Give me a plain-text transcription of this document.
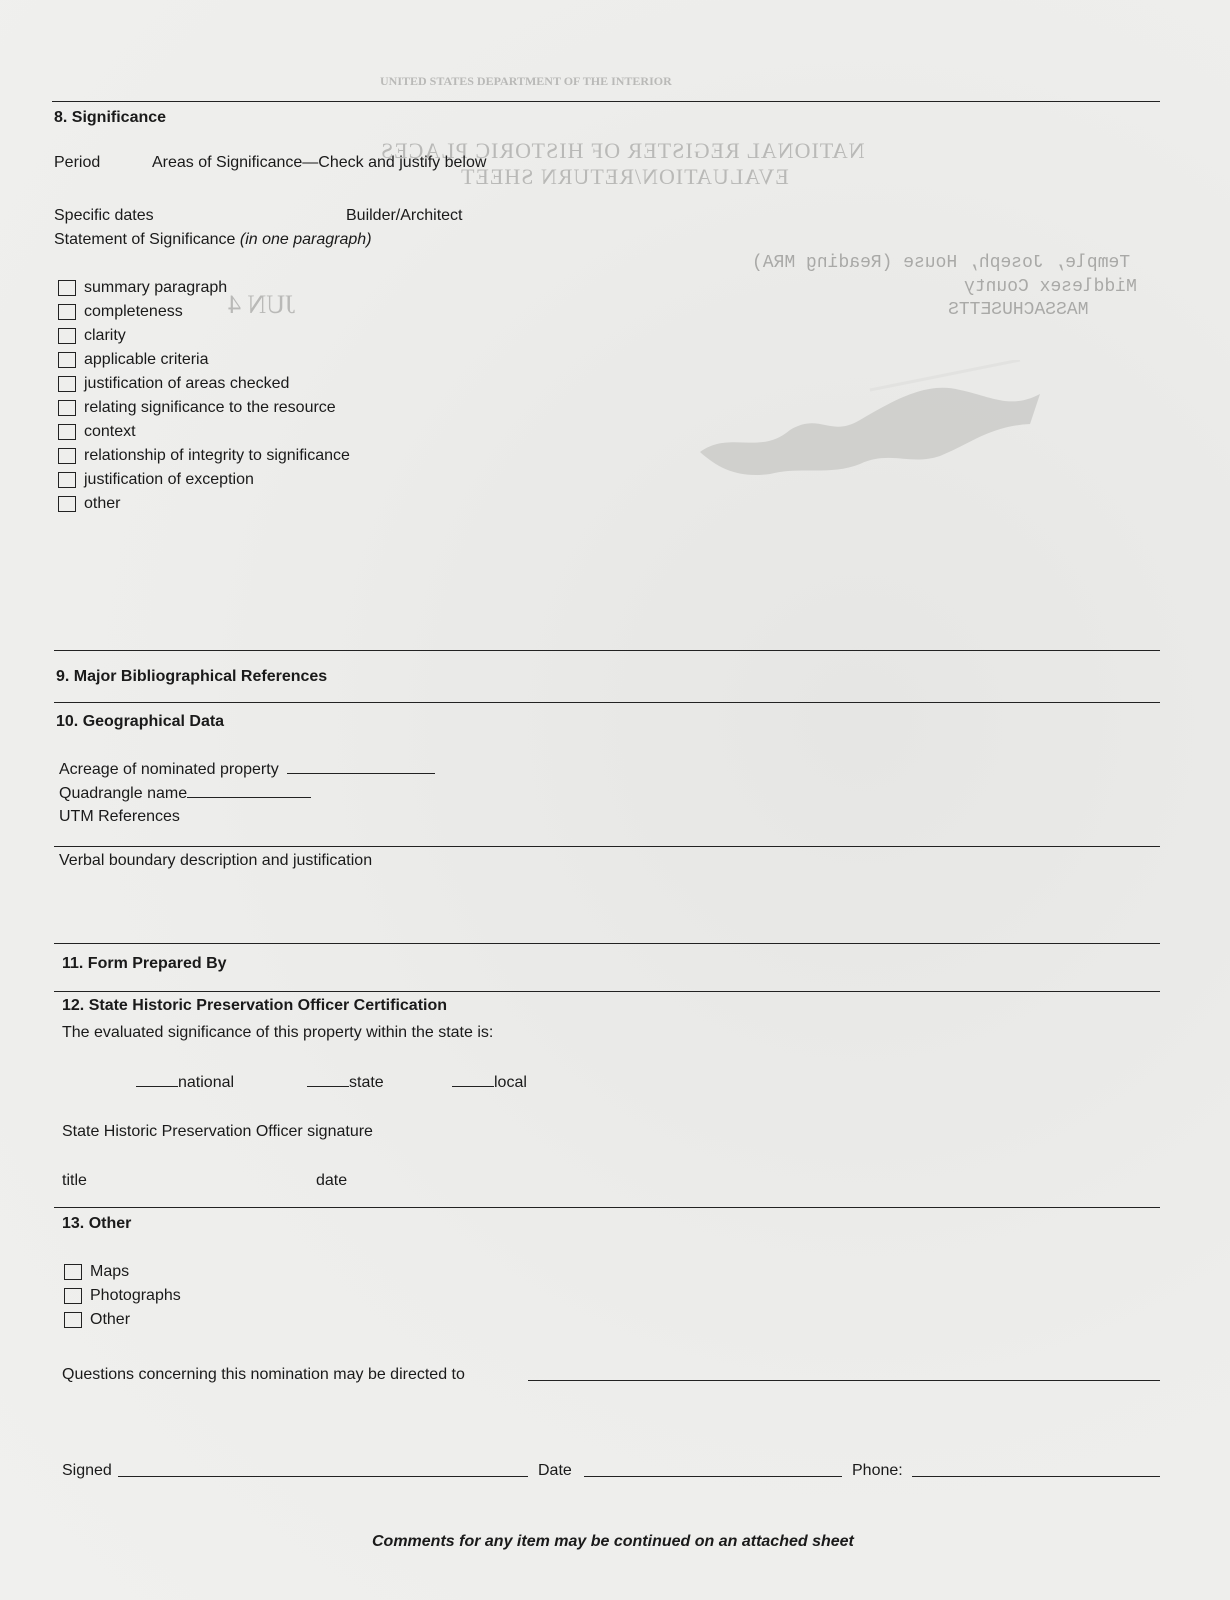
UNITED STATES DEPARTMENT OF THE INTERIOR
NATIONAL REGISTER OF HISTORIC PLACES
EVALUATION/RETURN SHEET
Temple, Joseph, House (Reading MRA)
Middlesex County
MASSACHUSETTS
JUN 4
8. Significance
Period	Areas of Significance—Check and justify below
Specific dates	Builder/Architect
Statement of Significance (in one paragraph)
summary paragraph
completeness
clarity
applicable criteria
justification of areas checked
relating significance to the resource
context
relationship of integrity to significance
justification of exception
other
9. Major Bibliographical References
10. Geographical Data
Acreage of nominated property
Quadrangle name
UTM References
Verbal boundary description and justification
11. Form Prepared By
12. State Historic Preservation Officer Certification
The evaluated significance of this property within the state is:
national	state	local
State Historic Preservation Officer signature
title	date
13. Other
Maps
Photographs
Other
Questions concerning this nomination may be directed to
Signed	Date	Phone:
Comments for any item may be continued on an attached sheet
